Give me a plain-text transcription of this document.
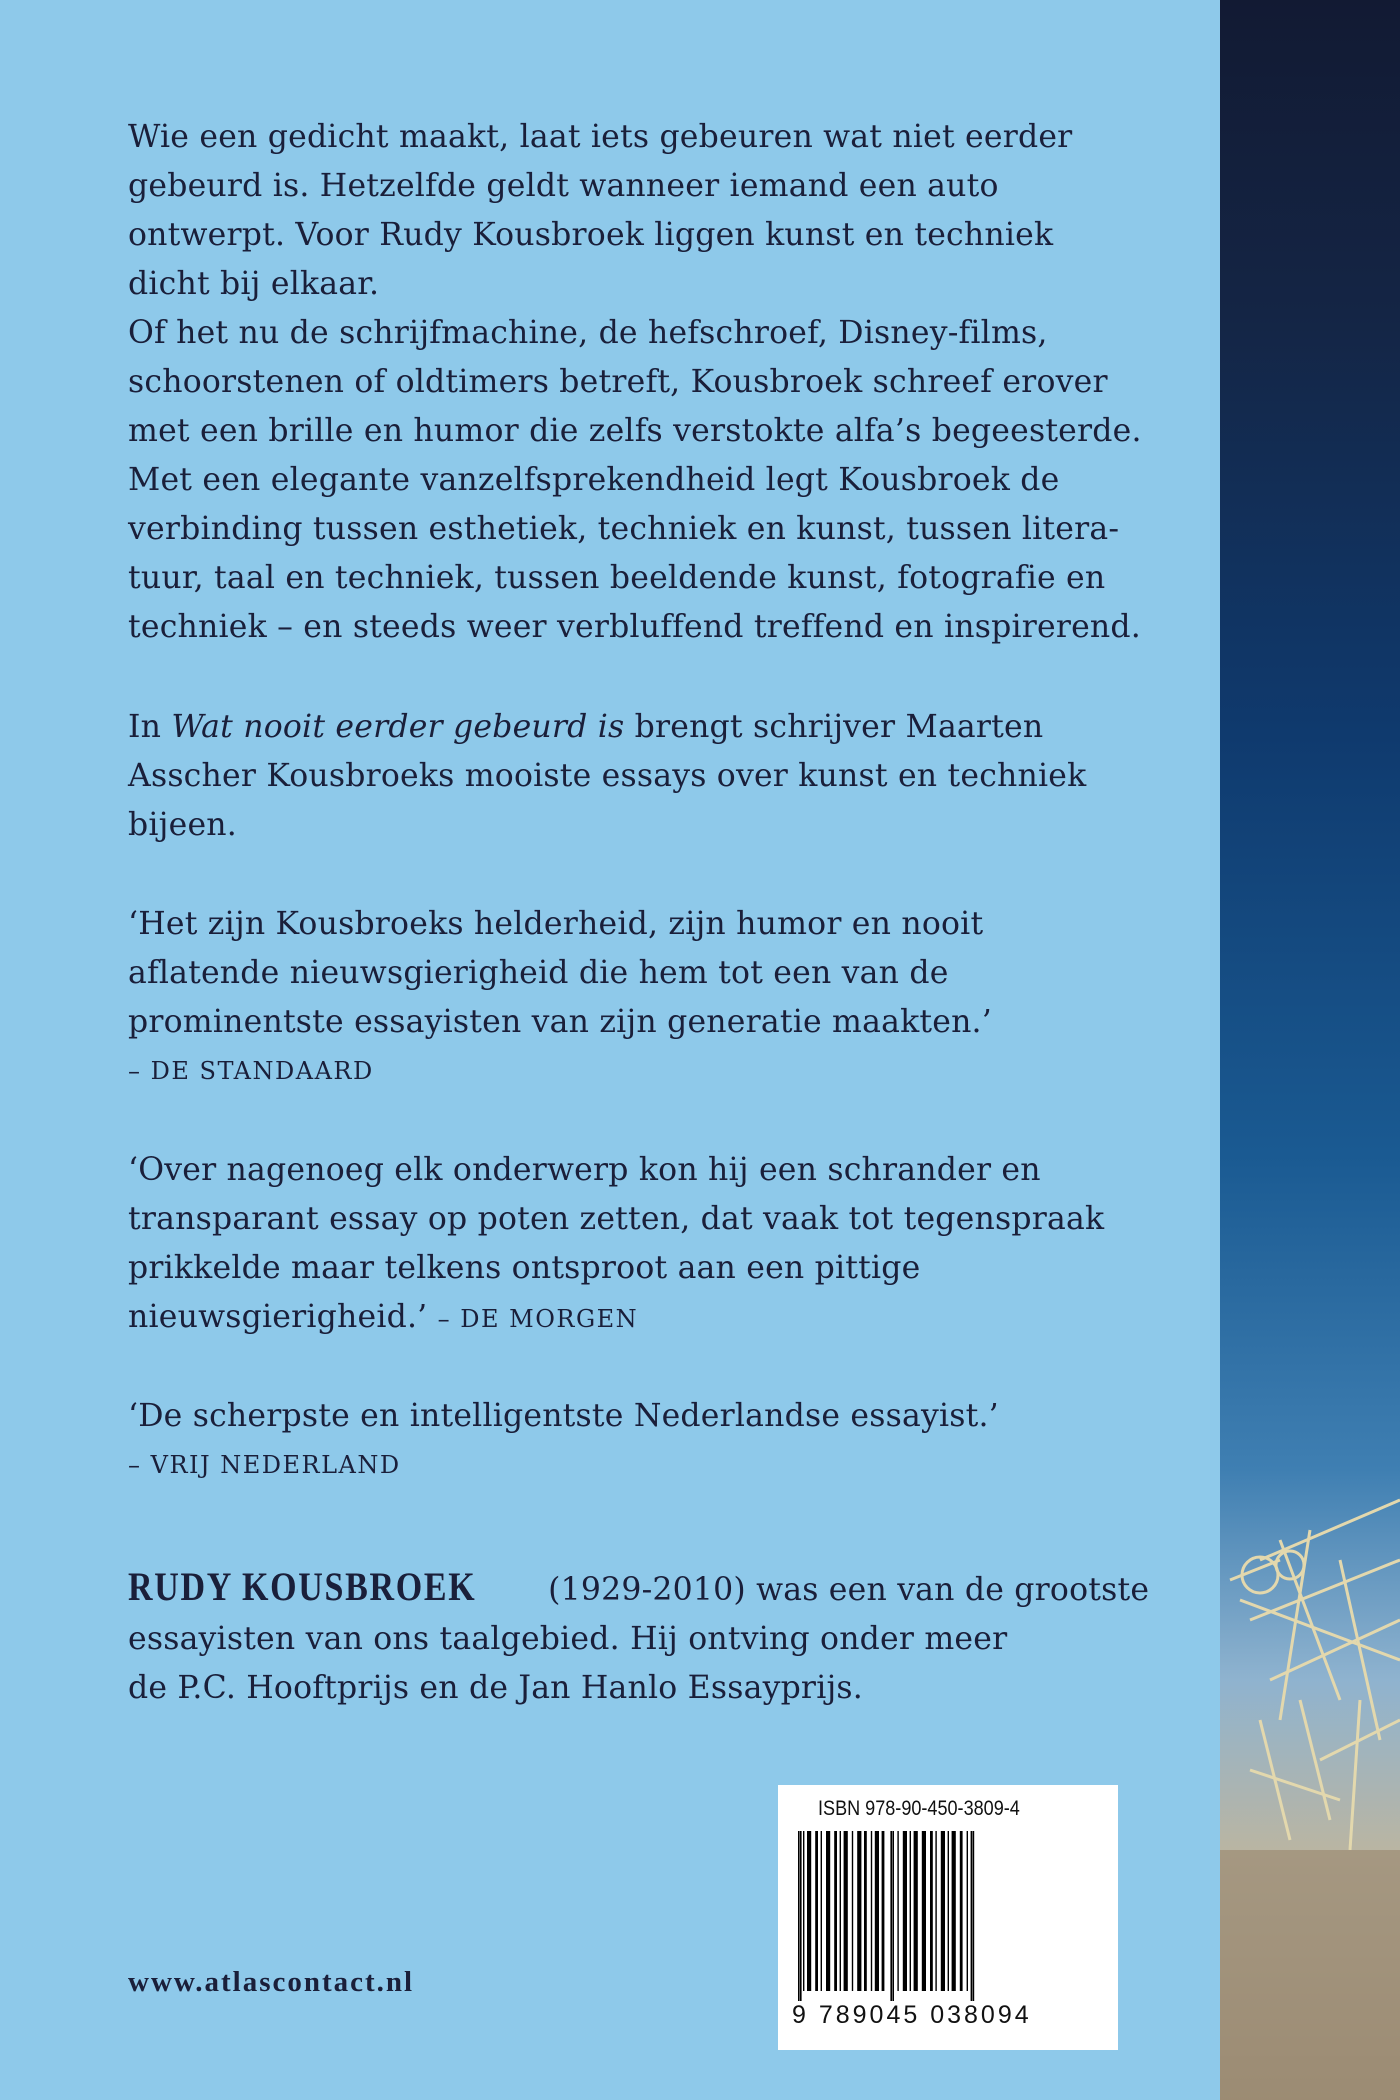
Wie een gedicht maakt, laat iets gebeuren wat niet eerder

gebeurd is. Hetzelfde geldt wanneer iemand een auto

ontwerpt. Voor Rudy Kousbroek liggen kunst en techniek

dicht bij elkaar.

Of het nu de schrijfmachine, de hefschroef, Disney-films,

schoorstenen of oldtimers betreft, Kousbroek schreef erover

met een brille en humor die zelfs verstokte alfa’s begeesterde.

Met een elegante vanzelfsprekendheid legt Kousbroek de

verbinding tussen esthetiek, techniek en kunst, tussen litera-

tuur, taal en techniek, tussen beeldende kunst, fotografie en

techniek – en steeds weer verbluffend treffend en inspirerend.

In Wat nooit eerder gebeurd is brengt schrijver Maarten

Asscher Kousbroeks mooiste essays over kunst en techniek

bijeen.

‘Het zijn Kousbroeks helderheid, zijn humor en nooit

aflatende nieuwsgierigheid die hem tot een van de

prominentste essayisten van zijn generatie maakten.’

– DE STANDAARD

‘Over nagenoeg elk onderwerp kon hij een schrander en

transparant essay op poten zetten, dat vaak tot tegenspraak

prikkelde maar telkens ontsproot aan een pittige

nieuwsgierigheid.’ – DE MORGEN

‘De scherpste en intelligentste Nederlandse essayist.’

– VRIJ NEDERLAND

RUDY KOUSBROEK (1929-2010) was een van de grootste

essayisten van ons taalgebied. Hij ontving onder meer

de P.C. Hooftprijs en de Jan Hanlo Essayprijs.

www.atlascontact.nl
ISBN 978-90-450-3809-4
9 789045 038094
